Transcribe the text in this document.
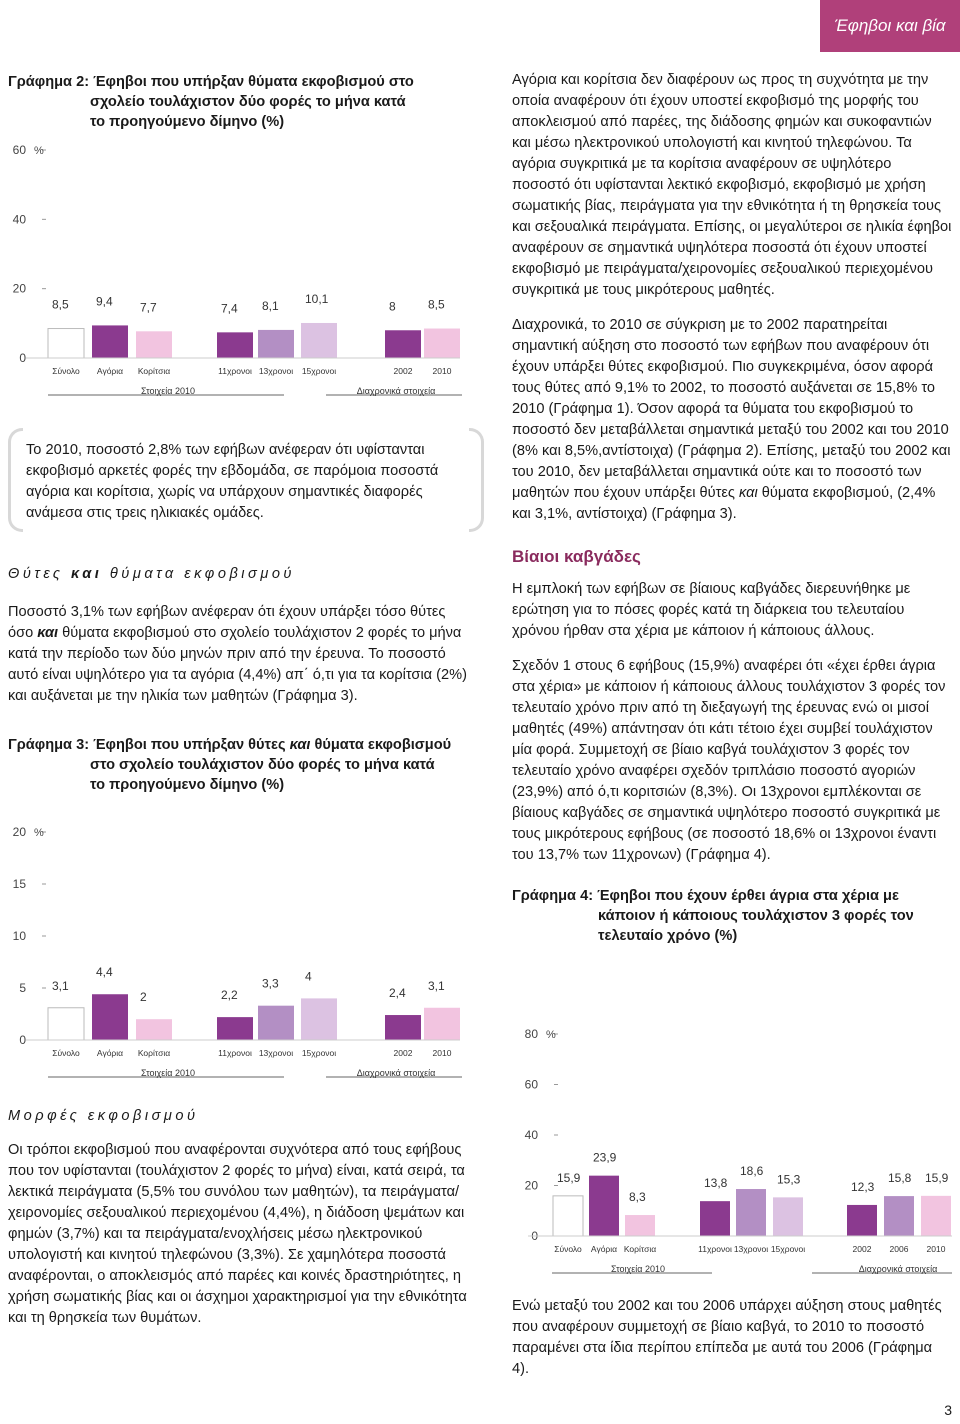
Έφηβοι και βία
Γράφημα 2: Έφηβοι που υπήρξαν θύματα εκφοβισμού στο
σχολείο τουλάχιστον δύο φορές το μήνα κατά
το προηγούμενο δίμηνο (%)
0
20
40
60 %
8,5
Σύνολο
9,4
Αγόρια
7,7
Κορίτσια
7,4
11χρονοι
8,1
13χρονοι
10,1
15χρονοι
8
2002
8,5
2010
Στοιχεία 2010	Διαχρονικά στοιχεία

Το 2010, ποσοστό 2,8% των εφήβων ανέφεραν ότι υφίστανται εκφοβισμό αρκετές φορές την εβδομάδα, σε παρόμοια ποσοστά αγόρια και κορίτσια, χωρίς να υπάρχουν σημαντικές διαφορές ανάμεσα στις τρεις ηλικιακές ομάδες.

Θύτες και θύματα εκφοβισμού

Ποσοστό 3,1% των εφήβων ανέφεραν ότι έχουν υπάρξει τόσο θύτες όσο και θύματα εκφοβισμού στο σχολείο τουλάχιστον 2 φορές το μήνα κατά την περίοδο των δύο μηνών πριν από την έρευνα. Το ποσοστό αυτό είναι υψηλότερο για τα αγόρια (4,4%) απ΄ ό,τι για τα κορίτσια (2%) και αυξάνεται με την ηλικία των μαθητών (Γράφημα 3).

Γράφημα 3: Έφηβοι που υπήρξαν θύτες και θύματα εκφοβισμού
στο σχολείο τουλάχιστον δύο φορές το μήνα κατά
το προηγούμενο δίμηνο (%)
0
5
10
15
20 %
3,1
Σύνολο
4,4
Αγόρια
2
Κορίτσια
2,2
11χρονοι
3,3
13χρονοι
4
15χρονοι
2,4
2002
3,1
2010
Στοιχεία 2010	Διαχρονικά στοιχεία
Μορφές εκφοβισμού

Οι τρόποι εκφοβισμού που αναφέρονται συχνότερα από τους εφήβους που τον υφίστανται (τουλάχιστον 2 φορές το μήνα) είναι, κατά σειρά, τα λεκτικά πειράγματα (5,5% του συνόλου των μαθητών), τα πειράγματα/ χειρονομίες σεξουαλικού περιεχομένου (4,4%), η διάδοση ψεμάτων και φημών (3,7%) και τα πειράγματα/ενοχλήσεις μέσω ηλεκτρονικού υπολογιστή και κινητού τηλεφώνου (3,3%). Σε χαμηλότερα ποσοστά αναφέρονται, ο αποκλεισμός από παρέες και κοινές δραστηριότητες, η χρήση σωματικής βίας και οι άσχημοι χαρακτηρισμοί για την εθνικότητα και τη θρησκεία των θυμάτων.

Αγόρια και κορίτσια δεν διαφέρουν ως προς τη συχνότητα με την οποία αναφέρουν ότι έχουν υποστεί εκφοβισμό της μορφής του αποκλεισμού από παρέες, της διάδοσης φημών και συκοφαντιών και μέσω ηλεκτρονικού υπολογιστή και κινητού τηλεφώνου. Τα αγόρια συγκριτικά με τα κορίτσια αναφέρουν σε υψηλότερο ποσοστό ότι υφίστανται λεκτικό εκφοβισμό, εκφοβισμό με χρήση σωματικής βίας, πειράγματα για την εθνικότητα ή τη θρησκεία τους και σεξουαλικά πειράγματα. Επίσης, οι μεγαλύτεροι σε ηλικία έφηβοι αναφέρουν σε σημαντικά υψηλότερα ποσοστά ότι έχουν υποστεί εκφοβισμό με πειράγματα/χειρονομίες σεξουαλικού περιεχομένου συγκριτικά με τους μικρότερους μαθητές.

Διαχρονικά, το 2010 σε σύγκριση με το 2002 παρατηρείται σημαντική αύξηση στο ποσοστό των εφήβων που αναφέρουν ότι έχουν υπάρξει θύτες εκφοβισμού. Πιο συγκεκριμένα, όσον αφορά τους θύτες από 9,1% το 2002, το ποσοστό αυξάνεται σε 15,8% το 2010 (Γράφημα 1). Όσον αφορά τα θύματα του εκφοβισμού το ποσοστό δεν μεταβάλλεται σημαντικά μεταξύ του 2002 και του 2010 (8% και 8,5%,αντίστοιχα) (Γράφημα 2). Επίσης, μεταξύ του 2002 και του 2010, δεν μεταβάλλεται σημαντικά ούτε και το ποσοστό των μαθητών που έχουν υπάρξει θύτες και θύματα εκφοβισμού, (2,4% και 3,1%, αντίστοιχα) (Γράφημα 3).

Βίαιοι καβγάδες

Η εμπλοκή των εφήβων σε βίαιους καβγάδες διερευνήθηκε με ερώτηση για το πόσες φορές κατά τη διάρκεια του τελευταίου χρόνου ήρθαν στα χέρια με κάποιον ή κάποιους άλλους.

Σχεδόν 1 στους 6 εφήβους (15,9%) αναφέρει ότι «έχει έρθει άγρια στα χέρια» με κάποιον ή κάποιους άλλους τουλάχιστον 3 φορές τον τελευταίο χρόνο πριν από τη διεξαγωγή της έρευνας ενώ οι μισοί μαθητές (49%) απάντησαν ότι κάτι τέτοιο έχει συμβεί τουλάχιστον μία φορά. Συμμετοχή σε βίαιο καβγά τουλάχιστον 3 φορές τον τελευταίο χρόνο αναφέρει σχεδόν τριπλάσιο ποσοστό αγοριών (23,9%) από ό,τι κοριτσιών (8,3%). Οι 13χρονοι εμπλέκονται σε βίαιους καβγάδες σε σημαντικά υψηλότερο ποσοστό συγκριτικά με τους μικρότερους εφήβους (σε ποσοστό 18,6% οι 13χρονοι έναντι του 13,7% των 11χρονων) (Γράφημα 4).

Γράφημα 4: Έφηβοι που έχουν έρθει άγρια στα χέρια με
κάποιον ή κάποιους τουλάχιστον 3 φορές τον
τελευταίο χρόνο (%)
0
20
40
60
80 %
15,9
Σύνολο
23,9
Αγόρια
8,3
Κορίτσια
13,8
11χρονοι
18,6
13χρονοι
15,3
15χρονοι
12,3
2002
15,8
2006
15,9
2010
Στοιχεία 2010	Διαχρονικά στοιχεία

Ενώ μεταξύ του 2002 και του 2006 υπάρχει αύξηση στους μαθητές που αναφέρουν συμμετοχή σε βίαιο καβγά, το 2010 το ποσοστό παραμένει στα ίδια περίπου επίπεδα με αυτά του 2006 (Γράφημα 4).

3
